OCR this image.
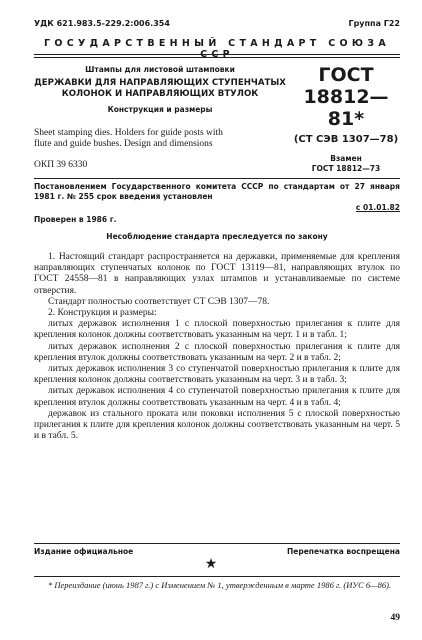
УДК 621.983.5-229.2:006.354	Группа Г22
ГОСУДАРСТВЕННЫЙ СТАНДАРТ СОЮЗА ССР
Штампы для листовой штамповки
ДЕРЖАВКИ ДЛЯ НАПРАВЛЯЮЩИХ СТУПЕНЧАТЫХ
КОЛОНОК И НАПРАВЛЯЮЩИХ ВТУЛОК
Конструкция и размеры
Sheet stamping dies. Holders for guide posts with
flute and guide bushes. Design and dimensions
ОКП 39 6330
ГОСТ
18812—81*
(СТ СЭВ 1307—78)
Взамен
ГОСТ 18812—73
Постановлением Государственного комитета СССР по стандартам от 27 января 1981 г. № 255 срок введения установлен
с 01.01.82
Проверен в 1986 г.
Несоблюдение стандарта преследуется по закону

1. Настоящий стандарт распространяется на державки, применяемые для крепления направляющих ступенчатых колонок по ГОСТ 13119—81, направляющих втулок по ГОСТ 24558—81 в направляющих узлах штампов и устанавливаемые по системе отверстия.

Стандарт полностью соответствует СТ СЭВ 1307—78.

2. Конструкция и размеры:

литых державок исполнения 1 с плоской поверхностью прилегания к плите для крепления колонок должны соответствовать указанным на черт. 1 и в табл. 1;

литых державок исполнения 2 с плоской поверхностью прилегания к плите для крепления втулок должны соответствовать указанным на черт. 2 и в табл. 2;

литых державок исполнения 3 со ступенчатой поверхностью прилегания к плите для крепления колонок должны соответствовать указанным на черт. 3 и в табл. 3;

литых державок исполнения 4 со ступенчатой поверхностью прилегания к плите для крепления втулок должны соответствовать указанным на черт. 4 и в табл. 4;

державок из стального проката или поковки исполнения 5 с плоской поверхностью прилегания к плите для крепления колонок должны соответствовать указанным на черт. 5 и в табл. 5.

Издание официальное	Перепечатка воспрещена
★
* Переиздание (июнь 1987 г.) с Изменением № 1, утвержденным в марте 1986 г. (ИУС 6—86).
49
